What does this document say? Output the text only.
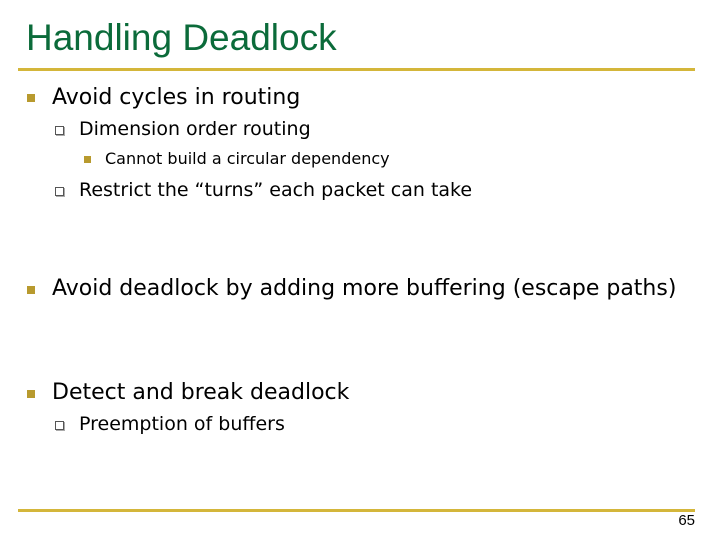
Handling Deadlock
Avoid cycles in routing
Dimension order routing
Cannot build a circular dependency
Restrict the “turns” each packet can take
Avoid deadlock by adding more buffering (escape paths)
Detect and break deadlock
Preemption of buffers
65
